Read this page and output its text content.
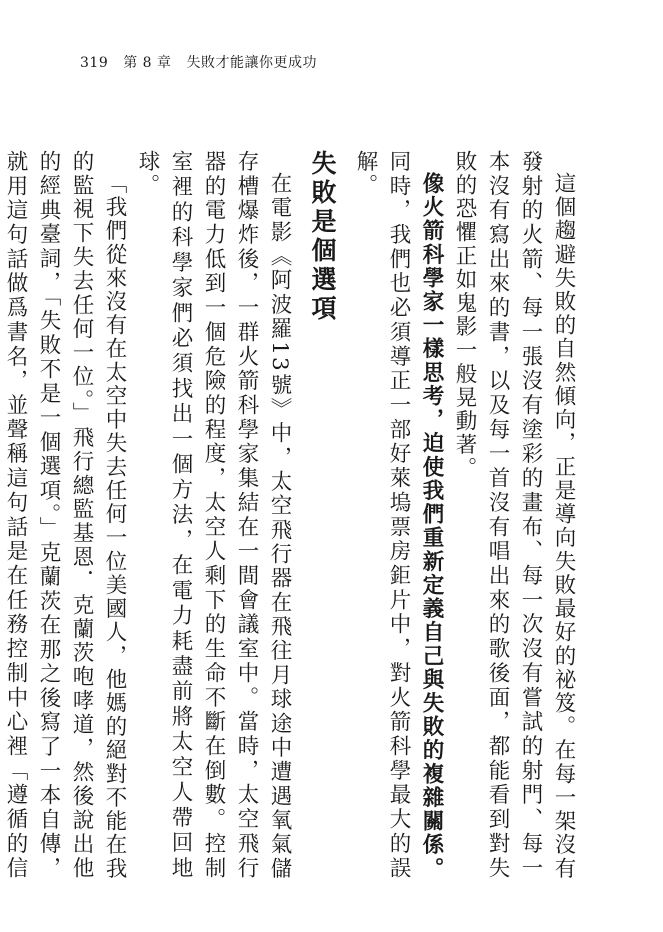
319 第 8 章 失敗才能讓你更成功

這個趨避失敗的自然傾向，正是導向失敗最好的祕笈。在每一架沒有發射的火箭、每一張沒有塗彩的畫布、每一次沒有嘗試的射門、每一本沒有寫出來的書，以及每一首沒有唱出來的歌後面，都能看到對失敗的恐懼正如鬼影一般晃動著。

像火箭科學家一樣思考，迫使我們重新定義自己與失敗的複雜關係。同時，我們也必須導正一部好萊塢票房鉅片中，對火箭科學最大的誤解。

失敗是個選項

在電影《阿波羅13號》中，太空飛行器在飛往月球途中遭遇氧氣儲存槽爆炸後，一群火箭科學家集結在一間會議室中。當時，太空飛行器的電力低到一個危險的程度，太空人剩下的生命不斷在倒數。控制室裡的科學家們必須找出一個方法，在電力耗盡前將太空人帶回地球。

「我們從來沒有在太空中失去任何一位美國人，他媽的絕對不能在我的監視下失去任何一位。」飛行總監基恩．克蘭茨咆哮道，然後說出他的經典臺詞，「失敗不是一個選項。」克蘭茨在那之後寫了一本自傳，就用這句話做爲書名，並聲稱這句話是在任務控制中心裡「遵循的信
